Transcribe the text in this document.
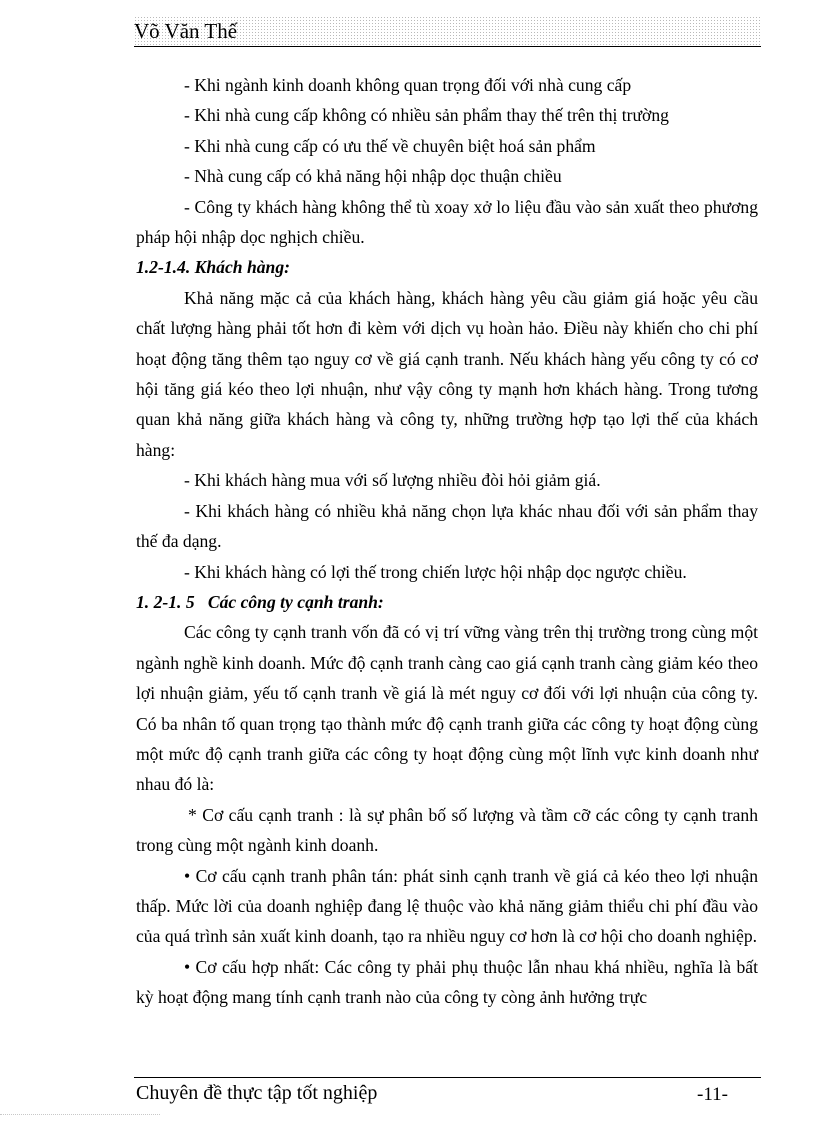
Võ Văn Thế

- Khi ngành kinh doanh không quan trọng đối với nhà cung cấp

- Khi nhà cung cấp không có nhiều sản phẩm thay thế trên thị trường

- Khi nhà cung cấp có ưu thế về chuyên biệt hoá sản phẩm

- Nhà cung cấp có khả năng hội nhập dọc thuận chiều

- Công ty khách hàng không thể tù xoay xở lo liệu đầu vào sản xuất theo phương pháp hội nhập dọc nghịch chiều.

1.2-1.4. Khách hàng:

Khả năng mặc cả của khách hàng, khách hàng yêu cầu giảm giá hoặc yêu cầu chất lượng hàng phải tốt hơn đi kèm với dịch vụ hoàn hảo. Điều này khiến cho chi phí hoạt động tăng thêm tạo nguy cơ về giá cạnh tranh. Nếu khách hàng yếu công ty có cơ hội tăng giá kéo theo lợi nhuận, như vậy công ty mạnh hơn khách hàng. Trong tương quan khả năng giữa khách hàng và công ty, những trường hợp tạo lợi thế của khách hàng:

- Khi khách hàng mua với số lượng nhiều đòi hỏi giảm giá.

- Khi khách hàng có nhiều khả năng chọn lựa khác nhau đối với sản phẩm thay thế đa dạng.

- Khi khách hàng có lợi thế trong chiến lược hội nhập dọc ngược chiều.

1. 2-1. 5   Các công ty cạnh tranh:

Các công ty cạnh tranh vốn đã có vị trí vững vàng trên thị trường trong cùng một ngành nghề kinh doanh. Mức độ cạnh tranh càng cao giá cạnh tranh càng giảm kéo theo lợi nhuận giảm, yếu tố cạnh tranh về giá là mét nguy cơ đối với lợi nhuận của công ty. Có ba nhân tố quan trọng tạo thành mức độ cạnh tranh giữa các công ty hoạt động cùng một mức độ cạnh tranh giữa các công ty hoạt động cùng một lĩnh vực kinh doanh như nhau đó là:

* Cơ cấu cạnh tranh : là sự phân bố số lượng và tầm cỡ các công ty cạnh tranh trong cùng một ngành kinh doanh.

• Cơ cấu cạnh tranh phân tán: phát sinh cạnh tranh về giá cả kéo theo lợi nhuận thấp. Mức lời của doanh nghiệp đang lệ thuộc vào khả năng giảm thiểu chi phí đầu vào của quá trình sản xuất kinh doanh, tạo ra nhiều nguy cơ hơn là cơ hội cho doanh nghiệp.

• Cơ cấu hợp nhất: Các công ty phải phụ thuộc lẫn nhau khá nhiều, nghĩa là bất kỳ hoạt động mang tính cạnh tranh nào của công ty còng ảnh hưởng trực

Chuyên đề thực tập tốt nghiệp	-11-
